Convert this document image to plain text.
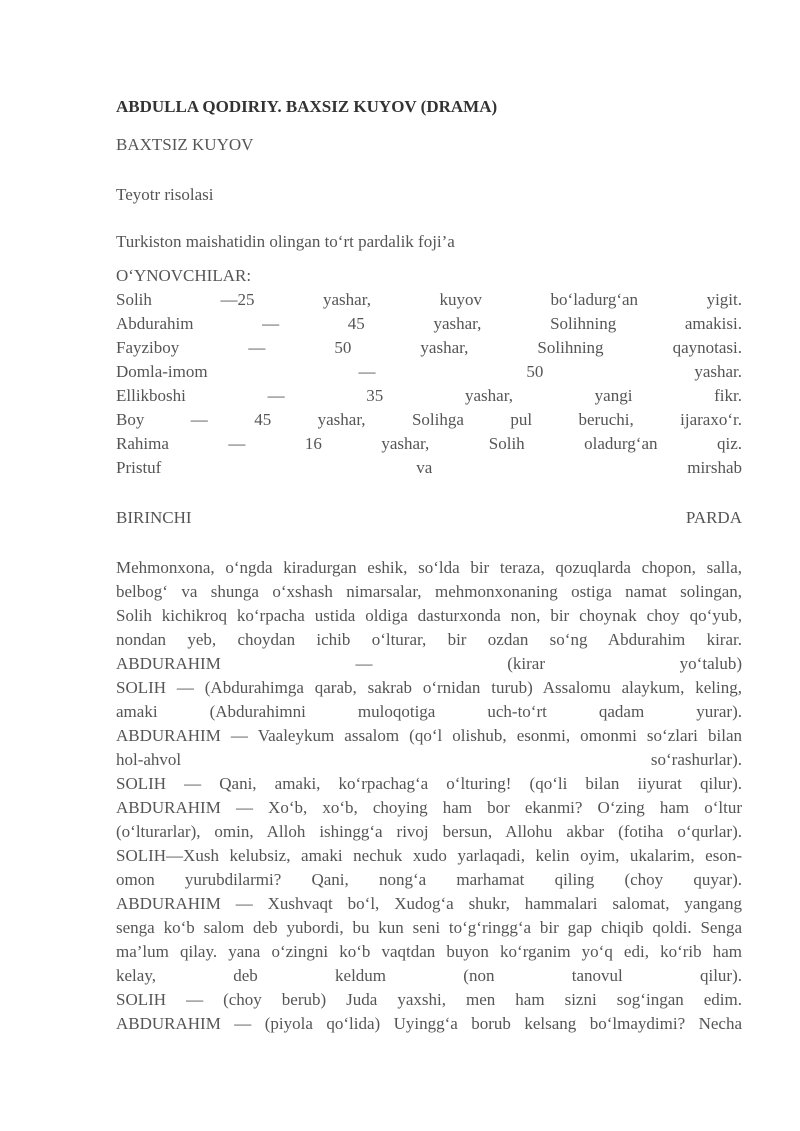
ABDULLA QODIRIY. BAXSIZ KUYOV (DRAMA)

BAXTSIZ KUYOV

Teyotr risolasi

Turkiston maishatidin olingan to‘rt pardalik foji’a

O‘YNOVCHILAR:

Solih —25 yashar, kuyov bo‘ladurg‘an yigit.

Abdurahim — 45 yashar, Solihning amakisi.

Fayziboy — 50 yashar, Solihning qaynotasi.

Domla-imom — 50 yashar.

Ellikboshi — 35 yashar, yangi fikr.

Boy — 45 yashar, Solihga pul beruchi, ijaraxo‘r.

Rahima — 16 yashar, Solih oladurg‘an qiz.

Pristuf va mirshab

BIRINCHI	PARDA
Mehmonxona, o‘ngda kiradurgan eshik, so‘lda bir teraza, qozuqlarda chopon, salla,
belbog‘ va shunga o‘xshash nimarsalar, mehmonxonaning ostiga namat solingan,
Solih kichikroq ko‘rpacha ustida oldiga dasturxonda non, bir choynak choy qo‘yub,
nondan yeb, choydan ichib o‘lturar, bir ozdan so‘ng Abdurahim kirar.
ABDURAHIM — (kirar yo‘talub)
SOLIH — (Abdurahimga qarab, sakrab o‘rnidan turub) Assalomu alaykum, keling,
amaki (Abdurahimni muloqotiga uch-to‘rt qadam yurar).
ABDURAHIM — Vaaleykum assalom (qo‘l olishub, esonmi, omonmi so‘zlari bilan
hol-ahvol so‘rashurlar).
SOLIH — Qani, amaki, ko‘rpachag‘a o‘lturing! (qo‘li bilan iiyurat qilur).
ABDURAHIM — Xo‘b, xo‘b, choying ham bor ekanmi? O‘zing ham o‘ltur
(o‘lturarlar), omin, Alloh ishingg‘a rivoj bersun, Allohu akbar (fotiha o‘qurlar).
SOLIH—Xush kelubsiz, amaki nechuk xudo yarlaqadi, kelin oyim, ukalarim, eson-
omon yurubdilarmi? Qani, nong‘a marhamat qiling (choy quyar).
ABDURAHIM — Xushvaqt bo‘l, Xudog‘a shukr, hammalari salomat, yangang
senga ko‘b salom deb yubordi, bu kun seni to‘g‘ringg‘a bir gap chiqib qoldi. Senga
ma’lum qilay. yana o‘zingni ko‘b vaqtdan buyon ko‘rganim yo‘q edi, ko‘rib ham
kelay, deb keldum (non tanovul qilur).
SOLIH — (choy berub) Juda yaxshi, men ham sizni sog‘ingan edim.
ABDURAHIM — (piyola qo‘lida) Uyingg‘a borub kelsang bo‘lmaydimi? Necha
